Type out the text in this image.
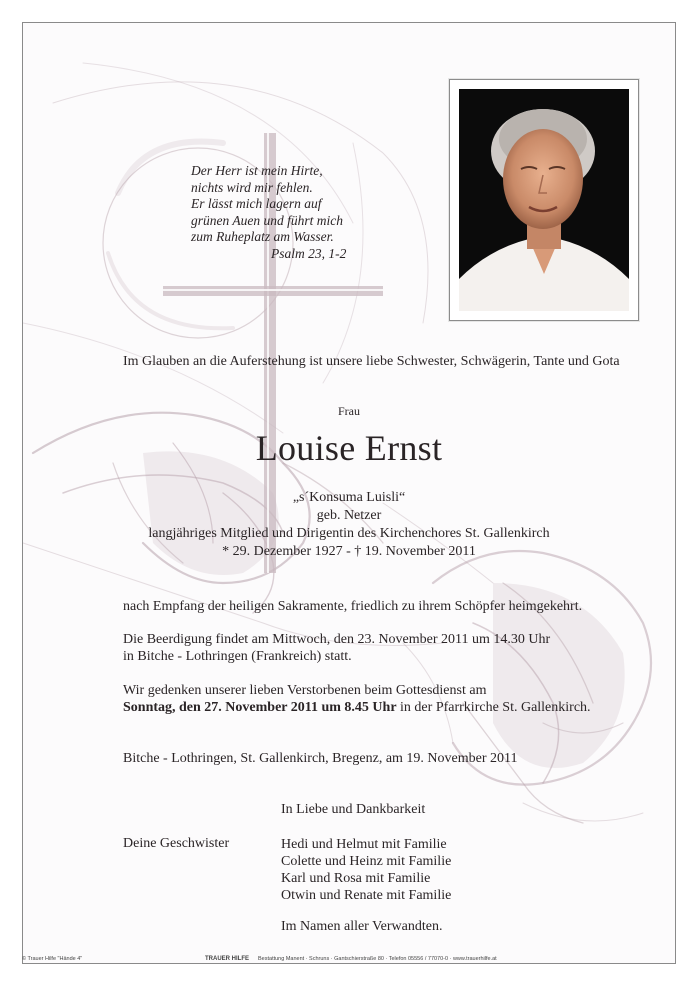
Der Herr ist mein Hirte,
nichts wird mir fehlen.
Er lässt mich lagern auf
grünen Auen und führt mich
zum Ruheplatz am Wasser.
Psalm 23, 1-2
Im Glauben an die Auferstehung ist unsere liebe Schwester, Schwägerin, Tante und Gota
Frau
Louise Ernst
„s´Konsuma Luisli“
geb. Netzer
langjähriges Mitglied und Dirigentin des Kirchenchores St. Gallenkirch
* 29. Dezember 1927 - † 19. November 2011
nach Empfang der heiligen Sakramente, friedlich zu ihrem Schöpfer heimgekehrt.
Die Beerdigung findet am Mittwoch, den 23. November 2011 um 14.30 Uhr
in Bitche - Lothringen (Frankreich) statt.
Wir gedenken unserer lieben Verstorbenen beim Gottesdienst am
Sonntag, den 27. November 2011 um 8.45 Uhr in der Pfarrkirche St. Gallenkirch.
Bitche - Lothringen, St. Gallenkirch, Bregenz, am 19. November 2011
In Liebe und Dankbarkeit
Deine Geschwister	Hedi und Helmut mit Familie
Colette und Heinz mit Familie
Karl und Rosa mit Familie
Otwin und Renate mit Familie
Im Namen aller Verwandten.
© Trauer Hilfe "Hände 4"	TRAUER HILFE Bestattung Manent · Schruns · Gantschierstraße 80 · Telefon 05556 / 77070-0 · www.trauerhilfe.at
